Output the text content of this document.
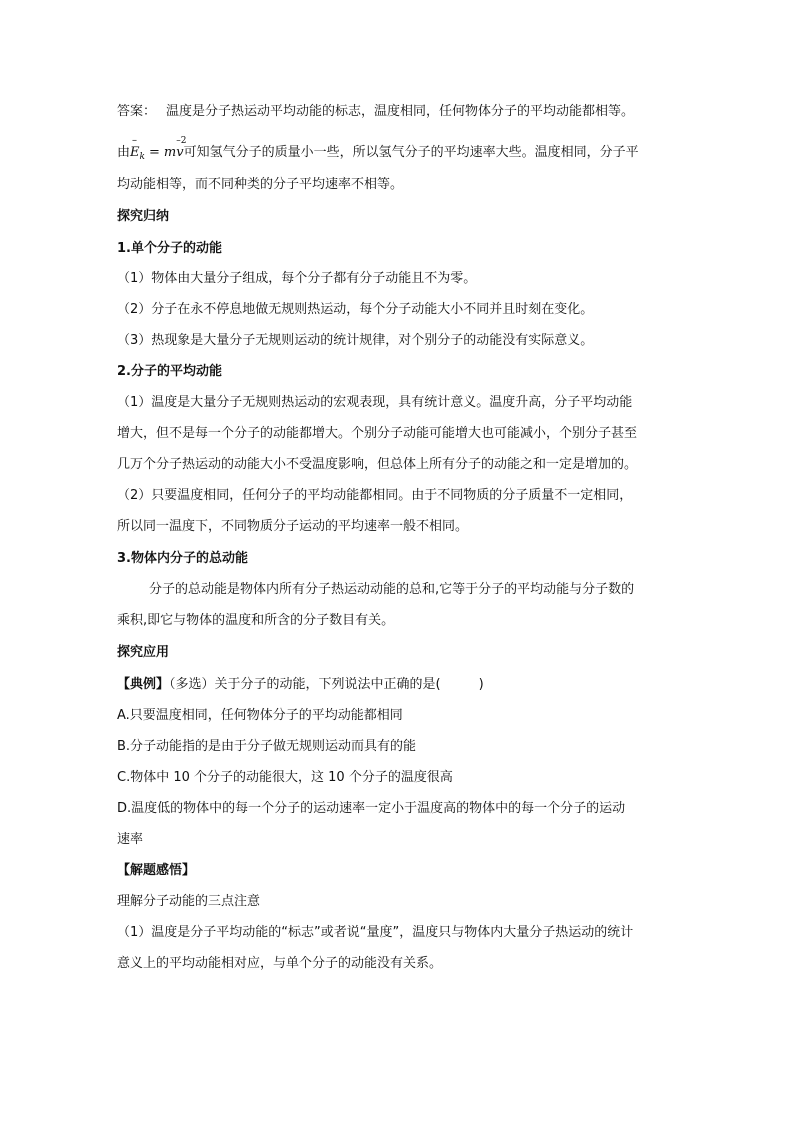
答案： 温度是分子热运动平均动能的标志，温度相同，任何物体分子的平均动能都相等。
由
–
$E_k = m$
–2
v可知氢气分子的质量小一些，所以氢气分子的平均速率大些。温度相同，分子平
均动能相等，而不同种类的分子平均速率不相等。
探究归纳
1.单个分子的动能
（1）物体由大量分子组成，每个分子都有分子动能且不为零。
（2）分子在永不停息地做无规则热运动，每个分子动能大小不同并且时刻在变化。
（3）热现象是大量分子无规则运动的统计规律，对个别分子的动能没有实际意义。
2.分子的平均动能
（1）温度是大量分子无规则热运动的宏观表现，具有统计意义。温度升高，分子平均动能
增大，但不是每一个分子的动能都增大。个别分子动能可能增大也可能减小，个别分子甚至
几万个分子热运动的动能大小不受温度影响，但总体上所有分子的动能之和一定是增加的。
（2）只要温度相同，任何分子的平均动能都相同。由于不同物质的分子质量不一定相同，
所以同一温度下，不同物质分子运动的平均速率一般不相同。
3.物体内分子的总动能
分子的总动能是物体内所有分子热运动动能的总和,它等于分子的平均动能与分子数的
乘积,即它与物体的温度和所含的分子数目有关。
探究应用
【典例】（多选）关于分子的动能，下列说法中正确的是(	)
A.只要温度相同，任何物体分子的平均动能都相同
B.分子动能指的是由于分子做无规则运动而具有的能
C.物体中 10 个分子的动能很大，这 10 个分子的温度很高
D.温度低的物体中的每一个分子的运动速率一定小于温度高的物体中的每一个分子的运动
速率
【解题感悟】
理解分子动能的三点注意
（1）温度是分子平均动能的“标志”或者说“量度”，温度只与物体内大量分子热运动的统计
意义上的平均动能相对应，与单个分子的动能没有关系。
